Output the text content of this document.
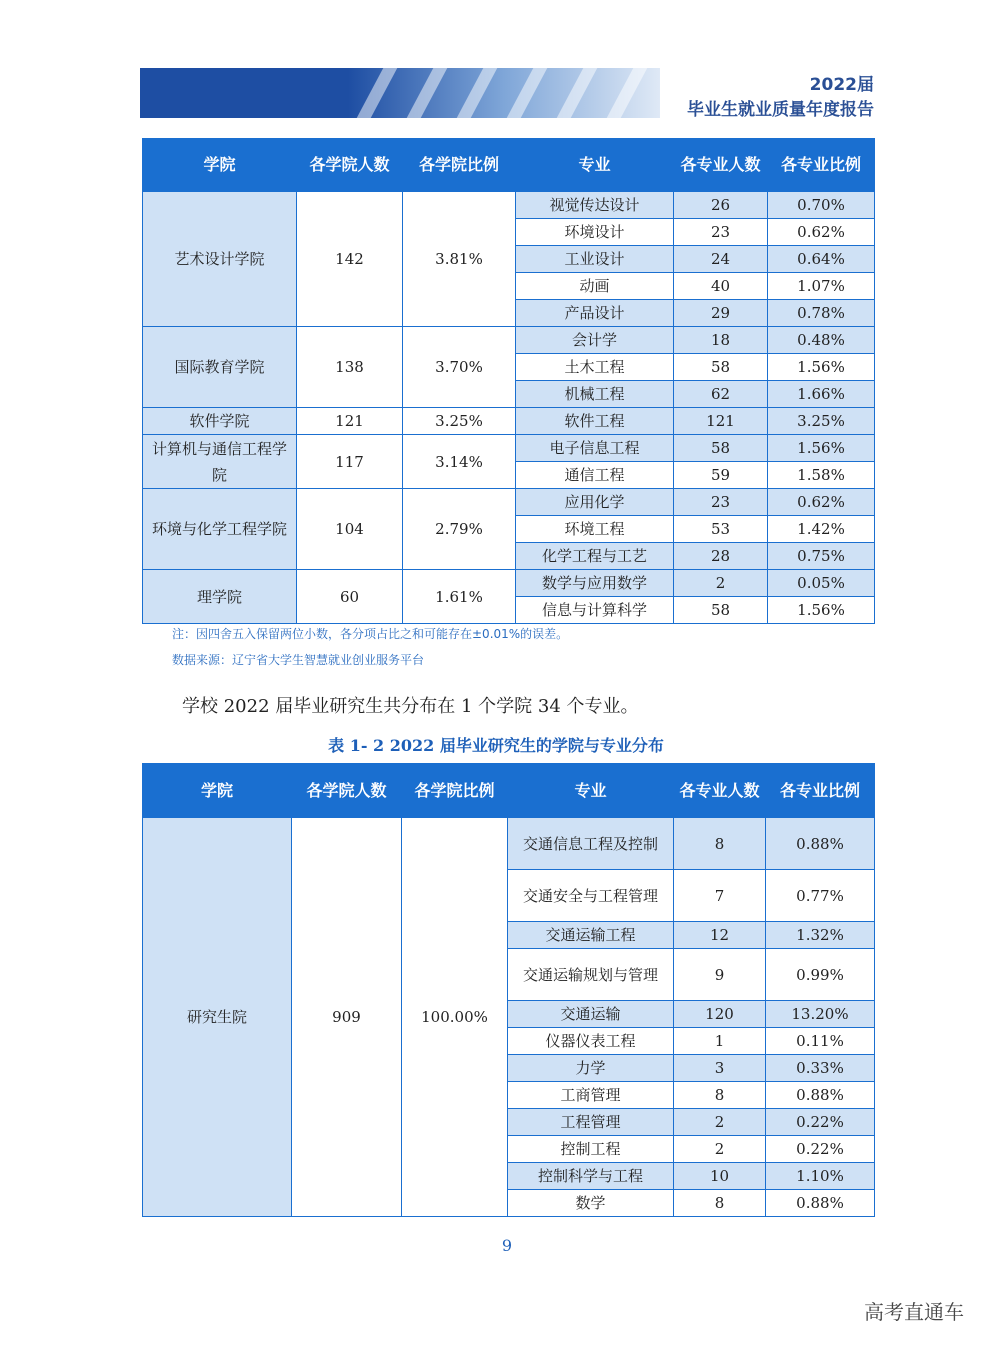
2022届
毕业生就业质量年度报告
学院	各学院人数	各学院比例	专业	各专业人数	各专业比例
艺术设计学院	142	3.81%	视觉传达设计	26	0.70%
			环境设计	23	0.62%
			工业设计	24	0.64%
			动画	40	1.07%
			产品设计	29	0.78%
国际教育学院	138	3.70%	会计学	18	0.48%
			土木工程	58	1.56%
			机械工程	62	1.66%
软件学院	121	3.25%	软件工程	121	3.25%
计算机与通信工程学院	117	3.14%	电子信息工程	58	1.56%
			通信工程	59	1.58%
环境与化学工程学院	104	2.79%	应用化学	23	0.62%
			环境工程	53	1.42%
			化学工程与工艺	28	0.75%
理学院	60	1.61%	数学与应用数学	2	0.05%
			信息与计算科学	58	1.56%
注：因四舍五入保留两位小数，各分项占比之和可能存在±0.01%的误差。
数据来源：辽宁省大学生智慧就业创业服务平台
学校 2022 届毕业研究生共分布在 1 个学院 34 个专业。
表 1- 2 2022 届毕业研究生的学院与专业分布
学院	各学院人数	各学院比例	专业	各专业人数	各专业比例
研究生院	909	100.00%	交通信息工程及控制	8	0.88%
			交通安全与工程管理	7	0.77%
			交通运输工程	12	1.32%
			交通运输规划与管理	9	0.99%
			交通运输	120	13.20%
			仪器仪表工程	1	0.11%
			力学	3	0.33%
			工商管理	8	0.88%
			工程管理	2	0.22%
			控制工程	2	0.22%
			控制科学与工程	10	1.10%
			数学	8	0.88%
9
高考直通车
